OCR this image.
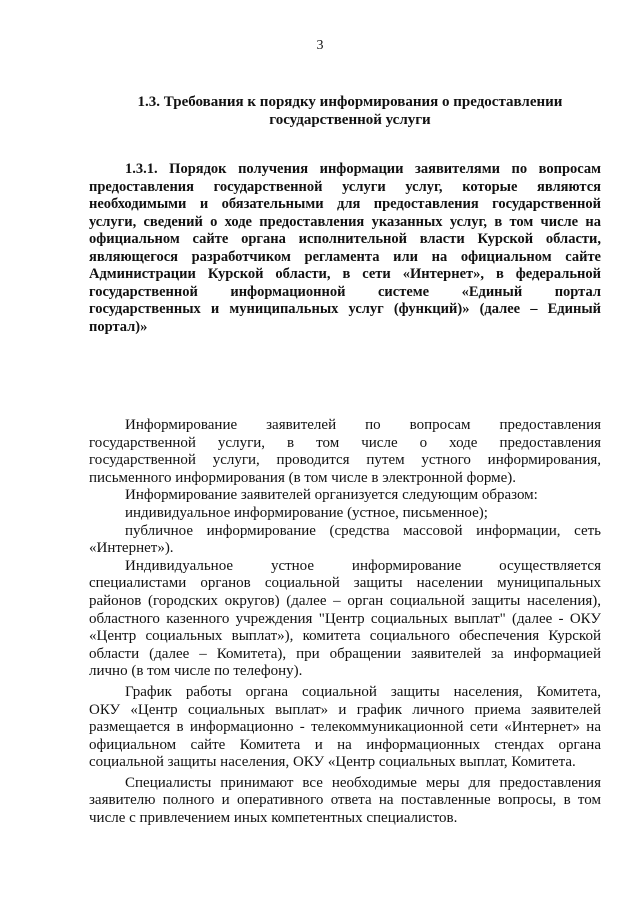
3
1.3. Требования к порядку информирования о предоставлении
государственной услуги
1.3.1. Порядок получения информации заявителями по вопросам
предоставления государственной услуги услуг, которые являются
необходимыми и обязательными для предоставления государственной
услуги, сведений о ходе предоставления указанных услуг, в том числе на
официальном сайте органа исполнительной власти Курской области,
являющегося разработчиком регламента или на официальном сайте
Администрации Курской области, в сети «Интернет», в федеральной
государственной информационной системе «Единый портал
государственных и муниципальных услуг (функций)» (далее – Единый
портал)»
Информирование заявителей по вопросам предоставления
государственной услуги, в том числе о ходе предоставления
государственной услуги, проводится путем устного информирования,
письменного информирования (в том числе в электронной форме).
Информирование заявителей организуется следующим образом:
индивидуальное информирование (устное, письменное);
публичное информирование (средства массовой информации, сеть
«Интернет»).
Индивидуальное устное информирование осуществляется
специалистами органов социальной защиты населении муниципальных
районов (городских округов) (далее – орган социальной защиты населения),
областного казенного учреждения "Центр социальных выплат" (далее - ОКУ
«Центр социальных выплат»), комитета социального обеспечения Курской
области (далее – Комитета), при обращении заявителей за информацией
лично (в том числе по телефону).
График работы органа социальной защиты населения, Комитета,
ОКУ «Центр социальных выплат» и график личного приема заявителей
размещается в информационно - телекоммуникационной сети «Интернет» на
официальном сайте Комитета и на информационных стендах органа
социальной защиты населения, ОКУ «Центр социальных выплат, Комитета.
Специалисты принимают все необходимые меры для предоставления
заявителю полного и оперативного ответа на поставленные вопросы, в том
числе с привлечением иных компетентных специалистов.
